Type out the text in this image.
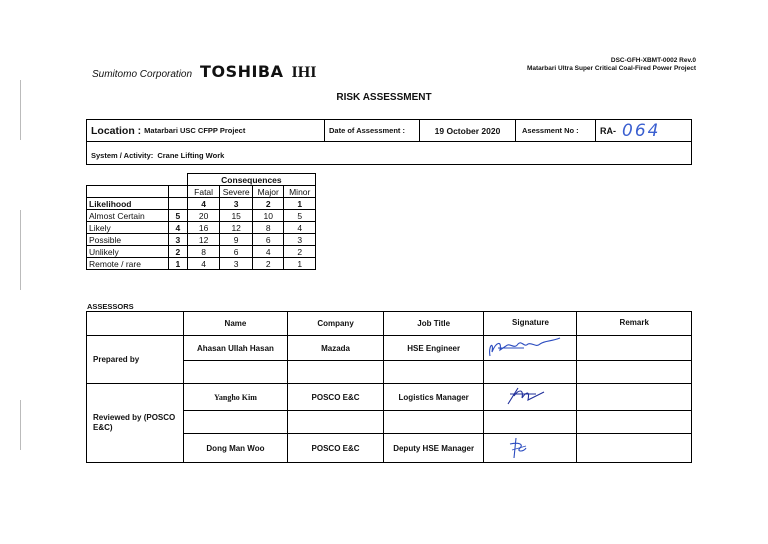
Sumitomo Corporation TOSHIBA IHI
DSC-GFH-XBMT-0002 Rev.0
Matarbari Ultra Super Critical Coal-Fired Power Project
RISK ASSESSMENT
Location : Matarbari USC CFPP Project	Date of Assessment :	19 October 2020	Asessment No : RA- 064
System / Activity: Crane Lifting Work
		Consequences			
		Fatal	Severe	Major	Minor
Likelihood		4	3	2	1
Almost Certain	5	20	15	10	5
Likely	4	16	12	8	4
Possible	3	12	9	6	3
Unlikely	2	8	6	4	2
Remote / rare	1	4	3	2	1
ASSESSORS
	Name	Company	Job Title	Signature	Remark
Prepared by	Ahasan Ullah Hasan	Mazada	HSE Engineer		

Reviewed by (POSCO E&C)	Yangho Kim	POSCO E&C	Logistics Manager		

	Dong Man Woo	POSCO E&C	Deputy HSE Manager		
